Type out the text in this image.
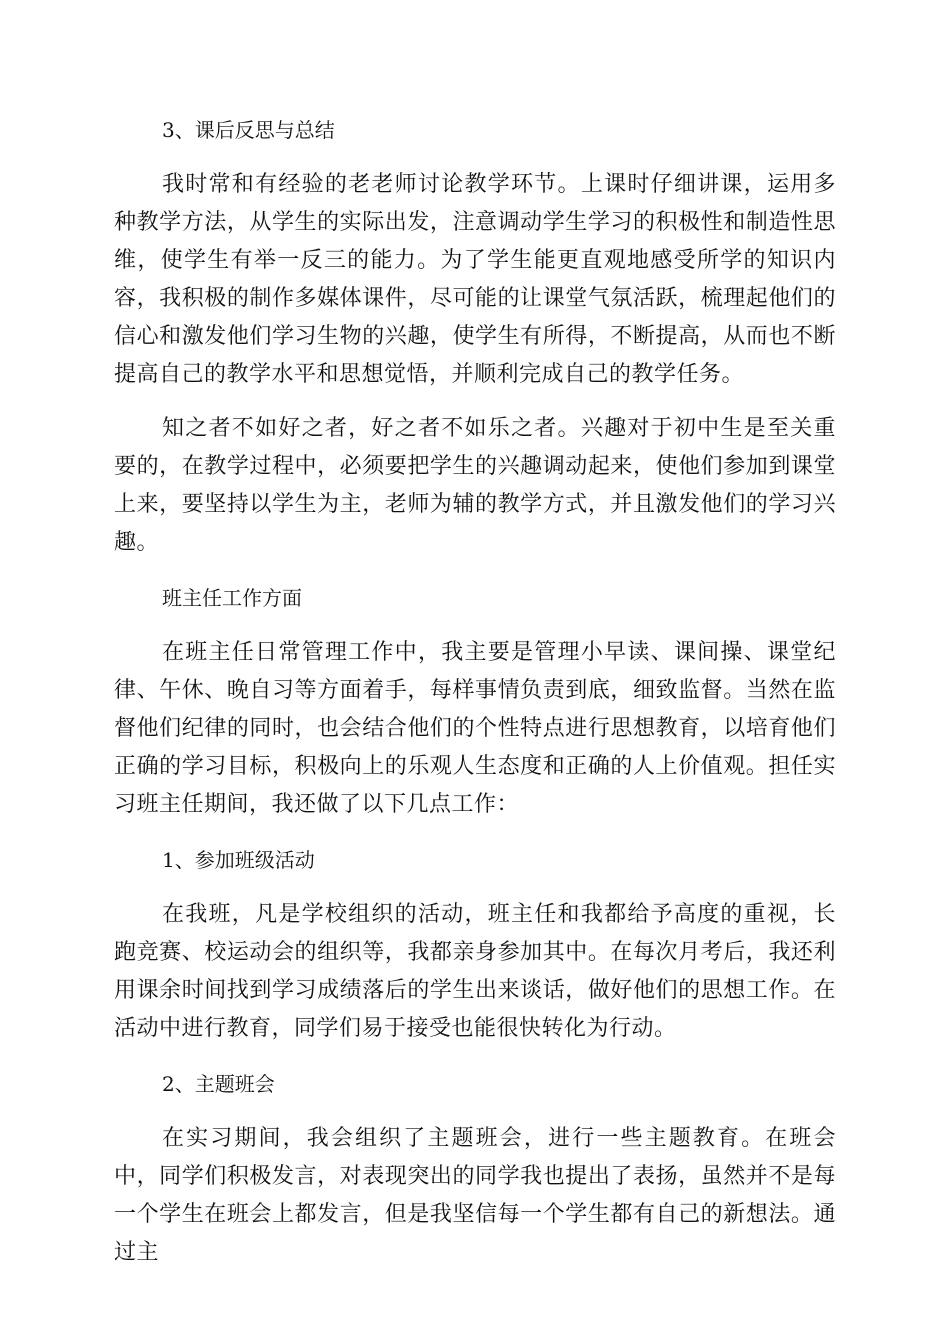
3、课后反思与总结

我时常和有经验的老老师讨论教学环节。上课时仔细讲课，运用多种教学方法，从学生的实际出发，注意调动学生学习的积极性和制造性思维，使学生有举一反三的能力。为了学生能更直观地感受所学的知识内容，我积极的制作多媒体课件，尽可能的让课堂气氛活跃，梳理起他们的信心和激发他们学习生物的兴趣，使学生有所得，不断提高，从而也不断提高自己的教学水平和思想觉悟，并顺利完成自己的教学任务。

知之者不如好之者，好之者不如乐之者。兴趣对于初中生是至关重要的，在教学过程中，必须要把学生的兴趣调动起来，使他们参加到课堂上来，要坚持以学生为主，老师为辅的教学方式，并且激发他们的学习兴趣。

班主任工作方面

在班主任日常管理工作中，我主要是管理小早读、课间操、课堂纪律、午休、晚自习等方面着手，每样事情负责到底，细致监督。当然在监督他们纪律的同时，也会结合他们的个性特点进行思想教育，以培育他们正确的学习目标，积极向上的乐观人生态度和正确的人上价值观。担任实习班主任期间，我还做了以下几点工作：

1、参加班级活动

在我班，凡是学校组织的活动，班主任和我都给予高度的重视，长跑竞赛、校运动会的组织等，我都亲身参加其中。在每次月考后，我还利用课余时间找到学习成绩落后的学生出来谈话，做好他们的思想工作。在活动中进行教育，同学们易于接受也能很快转化为行动。

2、主题班会

在实习期间，我会组织了主题班会，进行一些主题教育。在班会中，同学们积极发言，对表现突出的同学我也提出了表扬，虽然并不是每一个学生在班会上都发言，但是我坚信每一个学生都有自己的新想法。通过主
